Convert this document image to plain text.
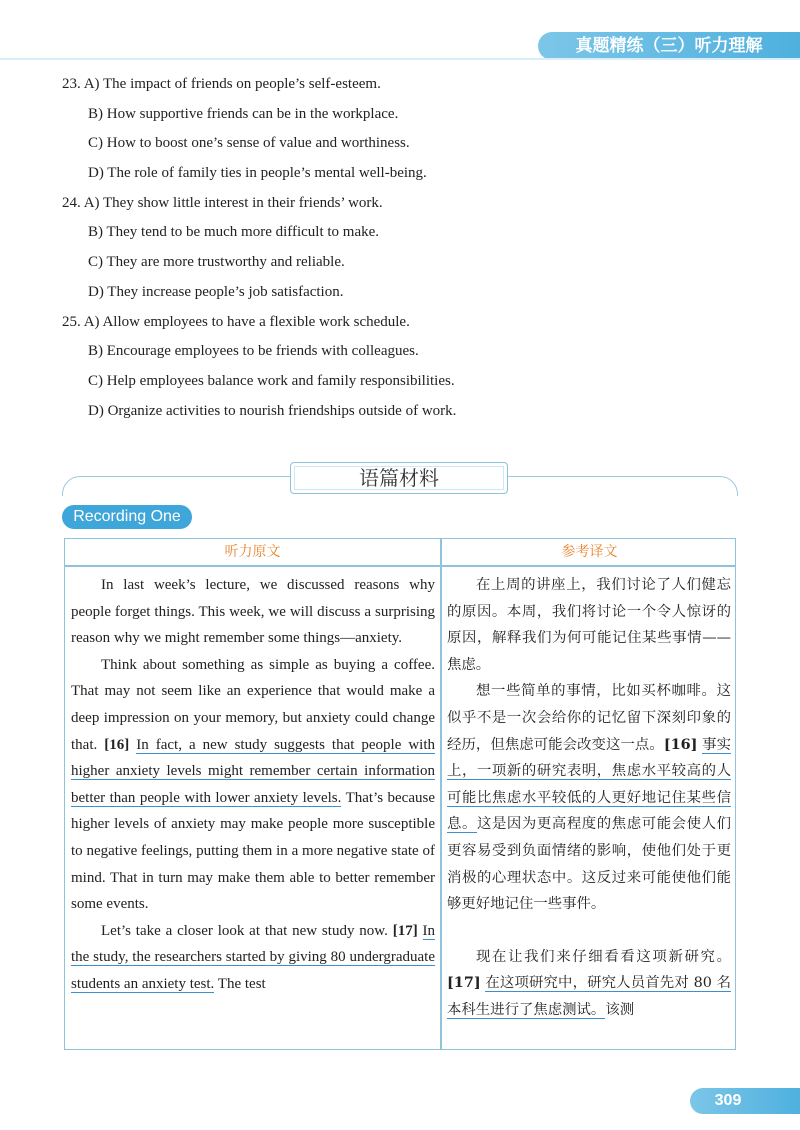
真题精练（三）听力理解
23. A) The impact of friends on people’s self-esteem.
B) How supportive friends can be in the workplace.
C) How to boost one’s sense of value and worthiness.
D) The role of family ties in people’s mental well-being.
24. A) They show little interest in their friends’ work.
B) They tend to be much more difficult to make.
C) They are more trustworthy and reliable.
D) They increase people’s job satisfaction.
25. A) Allow employees to have a flexible work schedule.
B) Encourage employees to be friends with colleagues.
C) Help employees balance work and family responsibilities.
D) Organize activities to nourish friendships outside of work.
语篇材料
Recording One
听力原文	参考译文

In last week’s lecture, we discussed reasons why people forget things. This week, we will discuss a surprising reason why we might remember some things—anxiety.

Think about something as simple as buying a coffee. That may not seem like an experience that would make a deep impression on your memory, but anxiety could change that. [16] In fact, a new study suggests that people with higher anxiety levels might remember certain information better than people with lower anxiety levels. That’s because higher levels of anxiety may make people more susceptible to negative feelings, putting them in a more negative state of mind. That in turn may make them able to better remember some events.

Let’s take a closer look at that new study now. [17] In the study, the researchers started by giving 80 undergraduate students an anxiety test. The test

在上周的讲座上，我们讨论了人们健忘的原因。本周，我们将讨论一个令人惊讶的原因，解释我们为何可能记住某些事情——焦虑。

想一些简单的事情，比如买杯咖啡。这似乎不是一次会给你的记忆留下深刻印象的经历，但焦虑可能会改变这一点。[16] 事实上，一项新的研究表明，焦虑水平较高的人可能比焦虑水平较低的人更好地记住某些信息。这是因为更高程度的焦虑可能会使人们更容易受到负面情绪的影响，使他们处于更消极的心理状态中。这反过来可能使他们能够更好地记住一些事件。

现在让我们来仔细看看这项新研究。[17] 在这项研究中，研究人员首先对 80 名本科生进行了焦虑测试。该测

309
